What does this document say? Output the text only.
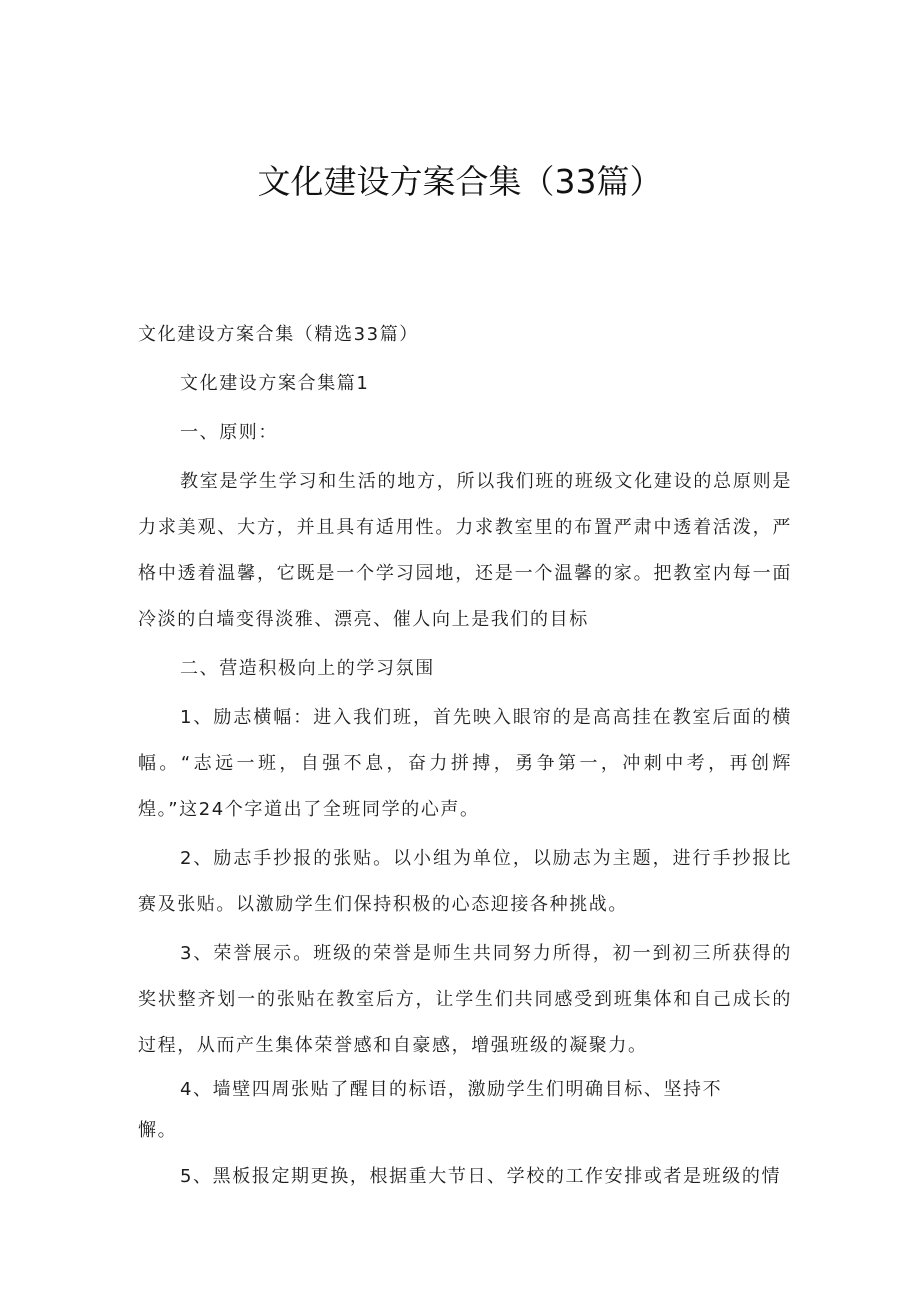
文化建设方案合集（33篇）

文化建设方案合集（精选33篇）

文化建设方案合集篇1

一、原则：

教室是学生学习和生活的地方，所以我们班的班级文化建设的总原则是力求美观、大方，并且具有适用性。力求教室里的布置严肃中透着活泼，严格中透着温馨，它既是一个学习园地，还是一个温馨的家。把教室内每一面冷淡的白墙变得淡雅、漂亮、催人向上是我们的目标

二、营造积极向上的学习氛围

1、励志横幅：进入我们班，首先映入眼帘的是高高挂在教室后面的横幅。“志远一班，自强不息，奋力拼搏，勇争第一，冲刺中考，再创辉煌。”这24个字道出了全班同学的心声。

2、励志手抄报的张贴。以小组为单位，以励志为主题，进行手抄报比赛及张贴。以激励学生们保持积极的心态迎接各种挑战。

3、荣誉展示。班级的荣誉是师生共同努力所得，初一到初三所获得的奖状整齐划一的张贴在教室后方，让学生们共同感受到班集体和自己成长的过程，从而产生集体荣誉感和自豪感，增强班级的凝聚力。

4、墙壁四周张贴了醒目的标语，激励学生们明确目标、坚持不

懈。

5、黑板报定期更换，根据重大节日、学校的工作安排或者是班级的情
